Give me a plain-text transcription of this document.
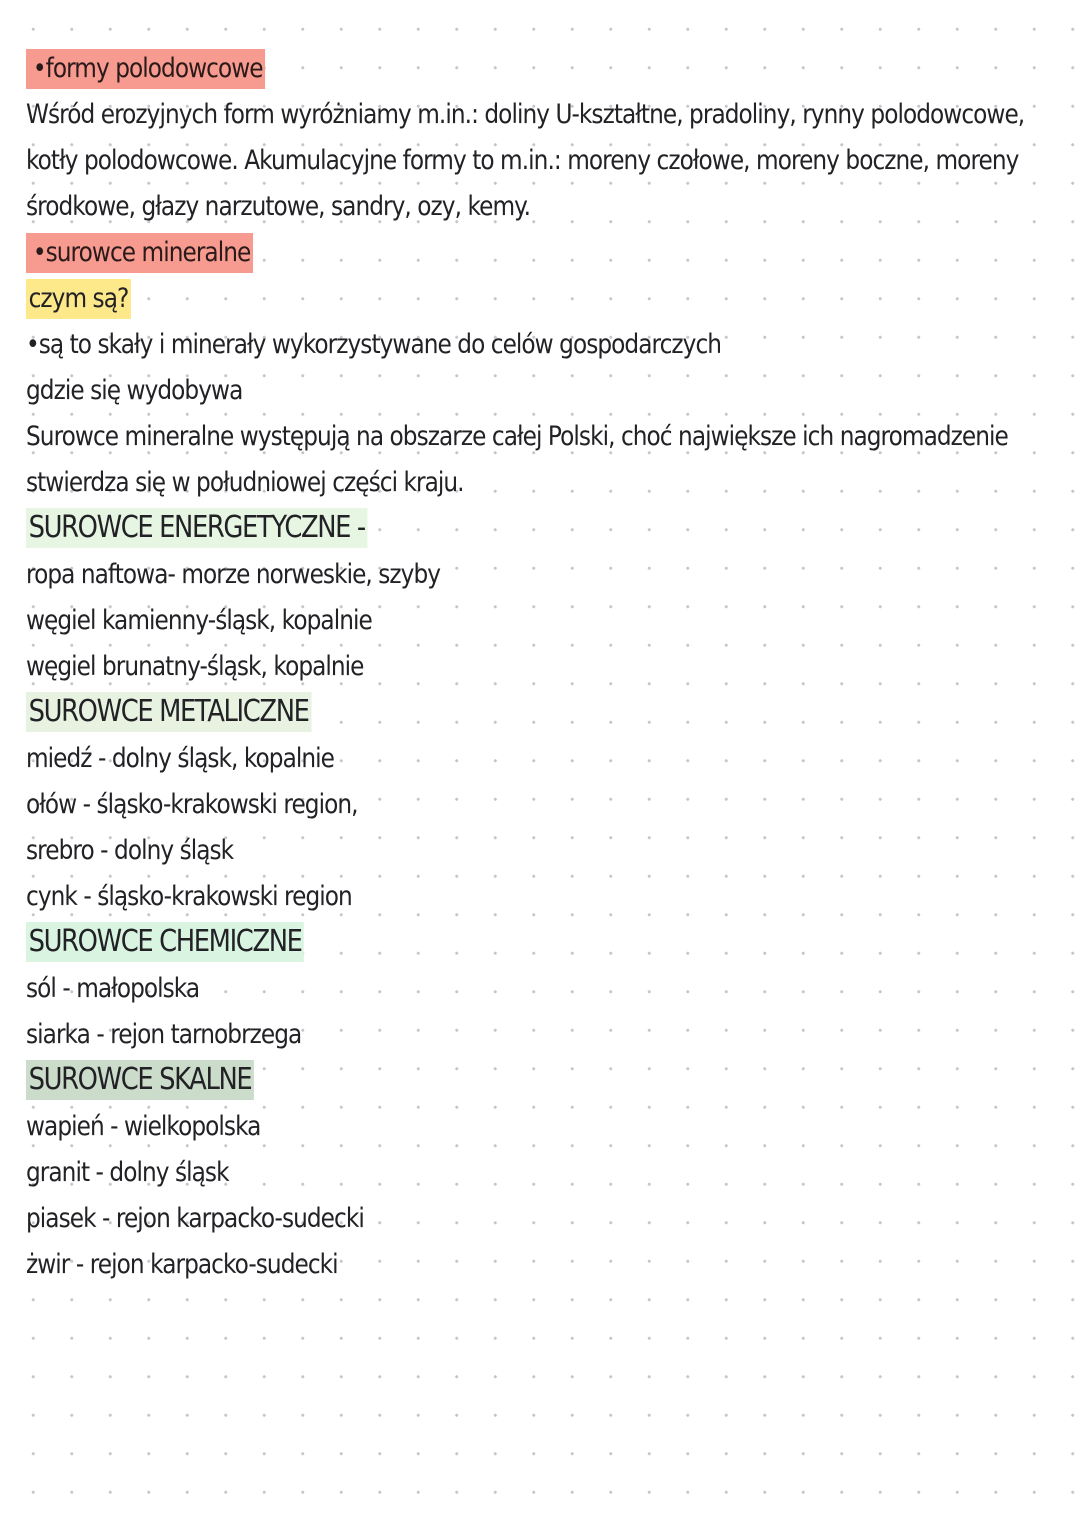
•formy polodowcowe
Wśród erozyjnych form wyróżniamy m.in.: doliny U-kształtne, pradoliny, rynny polodowcowe,
kotły polodowcowe. Akumulacyjne formy to m.in.: moreny czołowe, moreny boczne, moreny
środkowe, głazy narzutowe, sandry, ozy, kemy.
•surowce mineralne
czym są?
•są to skały i minerały wykorzystywane do celów gospodarczych
gdzie się wydobywa
Surowce mineralne występują na obszarze całej Polski, choć największe ich nagromadzenie
stwierdza się w południowej części kraju.
SUROWCE ENERGETYCZNE -
ropa naftowa- morze norweskie, szyby
węgiel kamienny-śląsk, kopalnie
węgiel brunatny-śląsk, kopalnie
SUROWCE METALICZNE
miedź - dolny śląsk, kopalnie
ołów - śląsko-krakowski region,
srebro - dolny śląsk
cynk - śląsko-krakowski region
SUROWCE CHEMICZNE
sól - małopolska
siarka - rejon tarnobrzega
SUROWCE SKALNE
wapień - wielkopolska
granit - dolny śląsk
piasek - rejon karpacko-sudecki
żwir - rejon karpacko-sudecki
